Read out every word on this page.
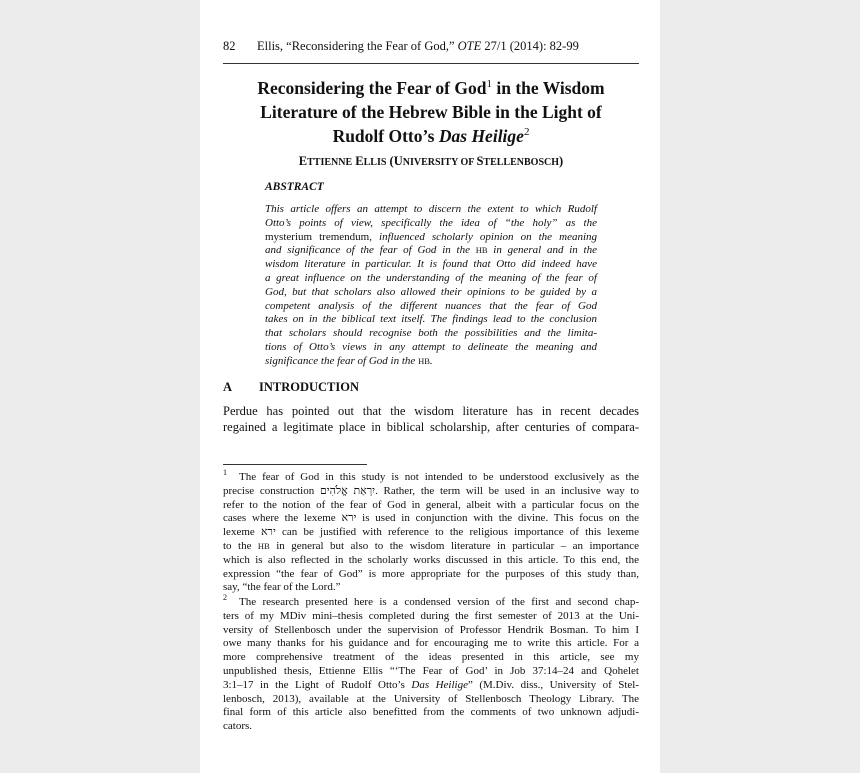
82 Ellis, “Reconsidering the Fear of God,” OTE 27/1 (2014): 82-99
Reconsidering the Fear of God$^1$ in the Wisdom
Literature of the Hebrew Bible in the Light of
Rudolf Otto’s Das Heilige$^2$
ETTIENNE ELLIS (UNIVERSITY OF STELLENBOSCH)
ABSTRACT
This article offers an attempt to discern the extent to which Rudolf
Otto’s points of view, specifically the idea of “the holy” as the
mysterium tremendum, influenced scholarly opinion on the meaning
and significance of the fear of God in the HB in general and in the
wisdom literature in particular. It is found that Otto did indeed have
a great influence on the understanding of the meaning of the fear of
God, but that scholars also allowed their opinions to be guided by a
competent analysis of the different nuances that the fear of God
takes on in the biblical text itself. The findings lead to the conclusion
that scholars should recognise both the possibilities and the limita-
tions of Otto’s views in any attempt to delineate the meaning and
significance the fear of God in the HB.
A INTRODUCTION
Perdue has pointed out that the wisdom literature has in recent decades
regained a legitimate place in biblical scholarship, after centuries of compara-
1 The fear of God in this study is not intended to be understood exclusively as the
precise construction יִרְאַת אֱלֹהִים. Rather, the term will be used in an inclusive way to
refer to the notion of the fear of God in general, albeit with a particular focus on the
cases where the lexeme ירא is used in conjunction with the divine. This focus on the
lexeme ירא can be justified with reference to the religious importance of this lexeme
to the HB in general but also to the wisdom literature in particular – an importance
which is also reflected in the scholarly works discussed in this article. To this end, the
expression “the fear of God” is more appropriate for the purposes of this study than,
say, “the fear of the Lord.”
2 The research presented here is a condensed version of the first and second chap-
ters of my MDiv mini–thesis completed during the first semester of 2013 at the Uni-
versity of Stellenbosch under the supervision of Professor Hendrik Bosman. To him I
owe many thanks for his guidance and for encouraging me to write this article. For a
more comprehensive treatment of the ideas presented in this article, see my
unpublished thesis, Ettienne Ellis “‘The Fear of God’ in Job 37:14–24 and Qohelet
3:1–17 in the Light of Rudolf Otto’s Das Heilige” (M.Div. diss., University of Stel-
lenbosch, 2013), available at the University of Stellenbosch Theology Library. The
final form of this article also benefitted from the comments of two unknown adjudi-
cators.
